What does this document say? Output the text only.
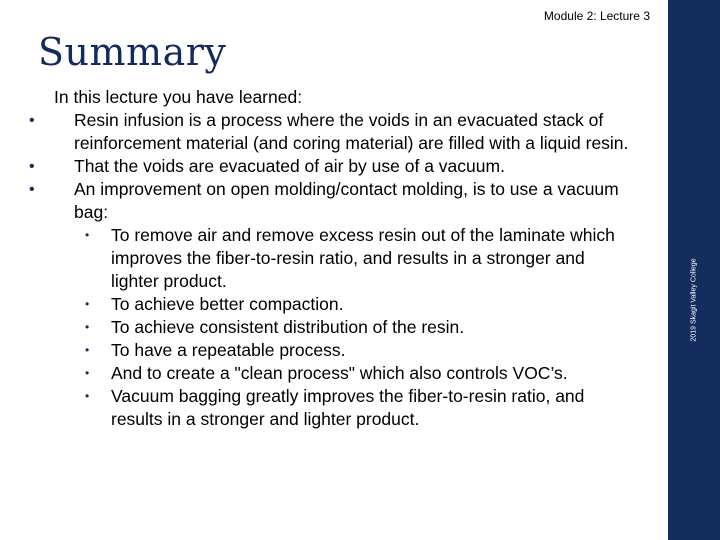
Module 2: Lecture 3
Summary
2019 Skagit Valley College
In this lecture you have learned:
• Resin infusion is a process where the voids in an evacuated stack of reinforcement material (and coring material) are filled with a liquid resin.
• That the voids are evacuated of air by use of a vacuum.
• An improvement on open molding/contact molding, is to use a vacuum bag:
• To remove air and remove excess resin out of the laminate which improves the fiber-to-resin ratio, and results in a stronger and lighter product.
• To achieve better compaction.
• To achieve consistent distribution of the resin.
• To have a repeatable process.
• And to create a "clean process" which also controls VOC’s.
• Vacuum bagging greatly improves the fiber-to-resin ratio, and results in a stronger and lighter product.
